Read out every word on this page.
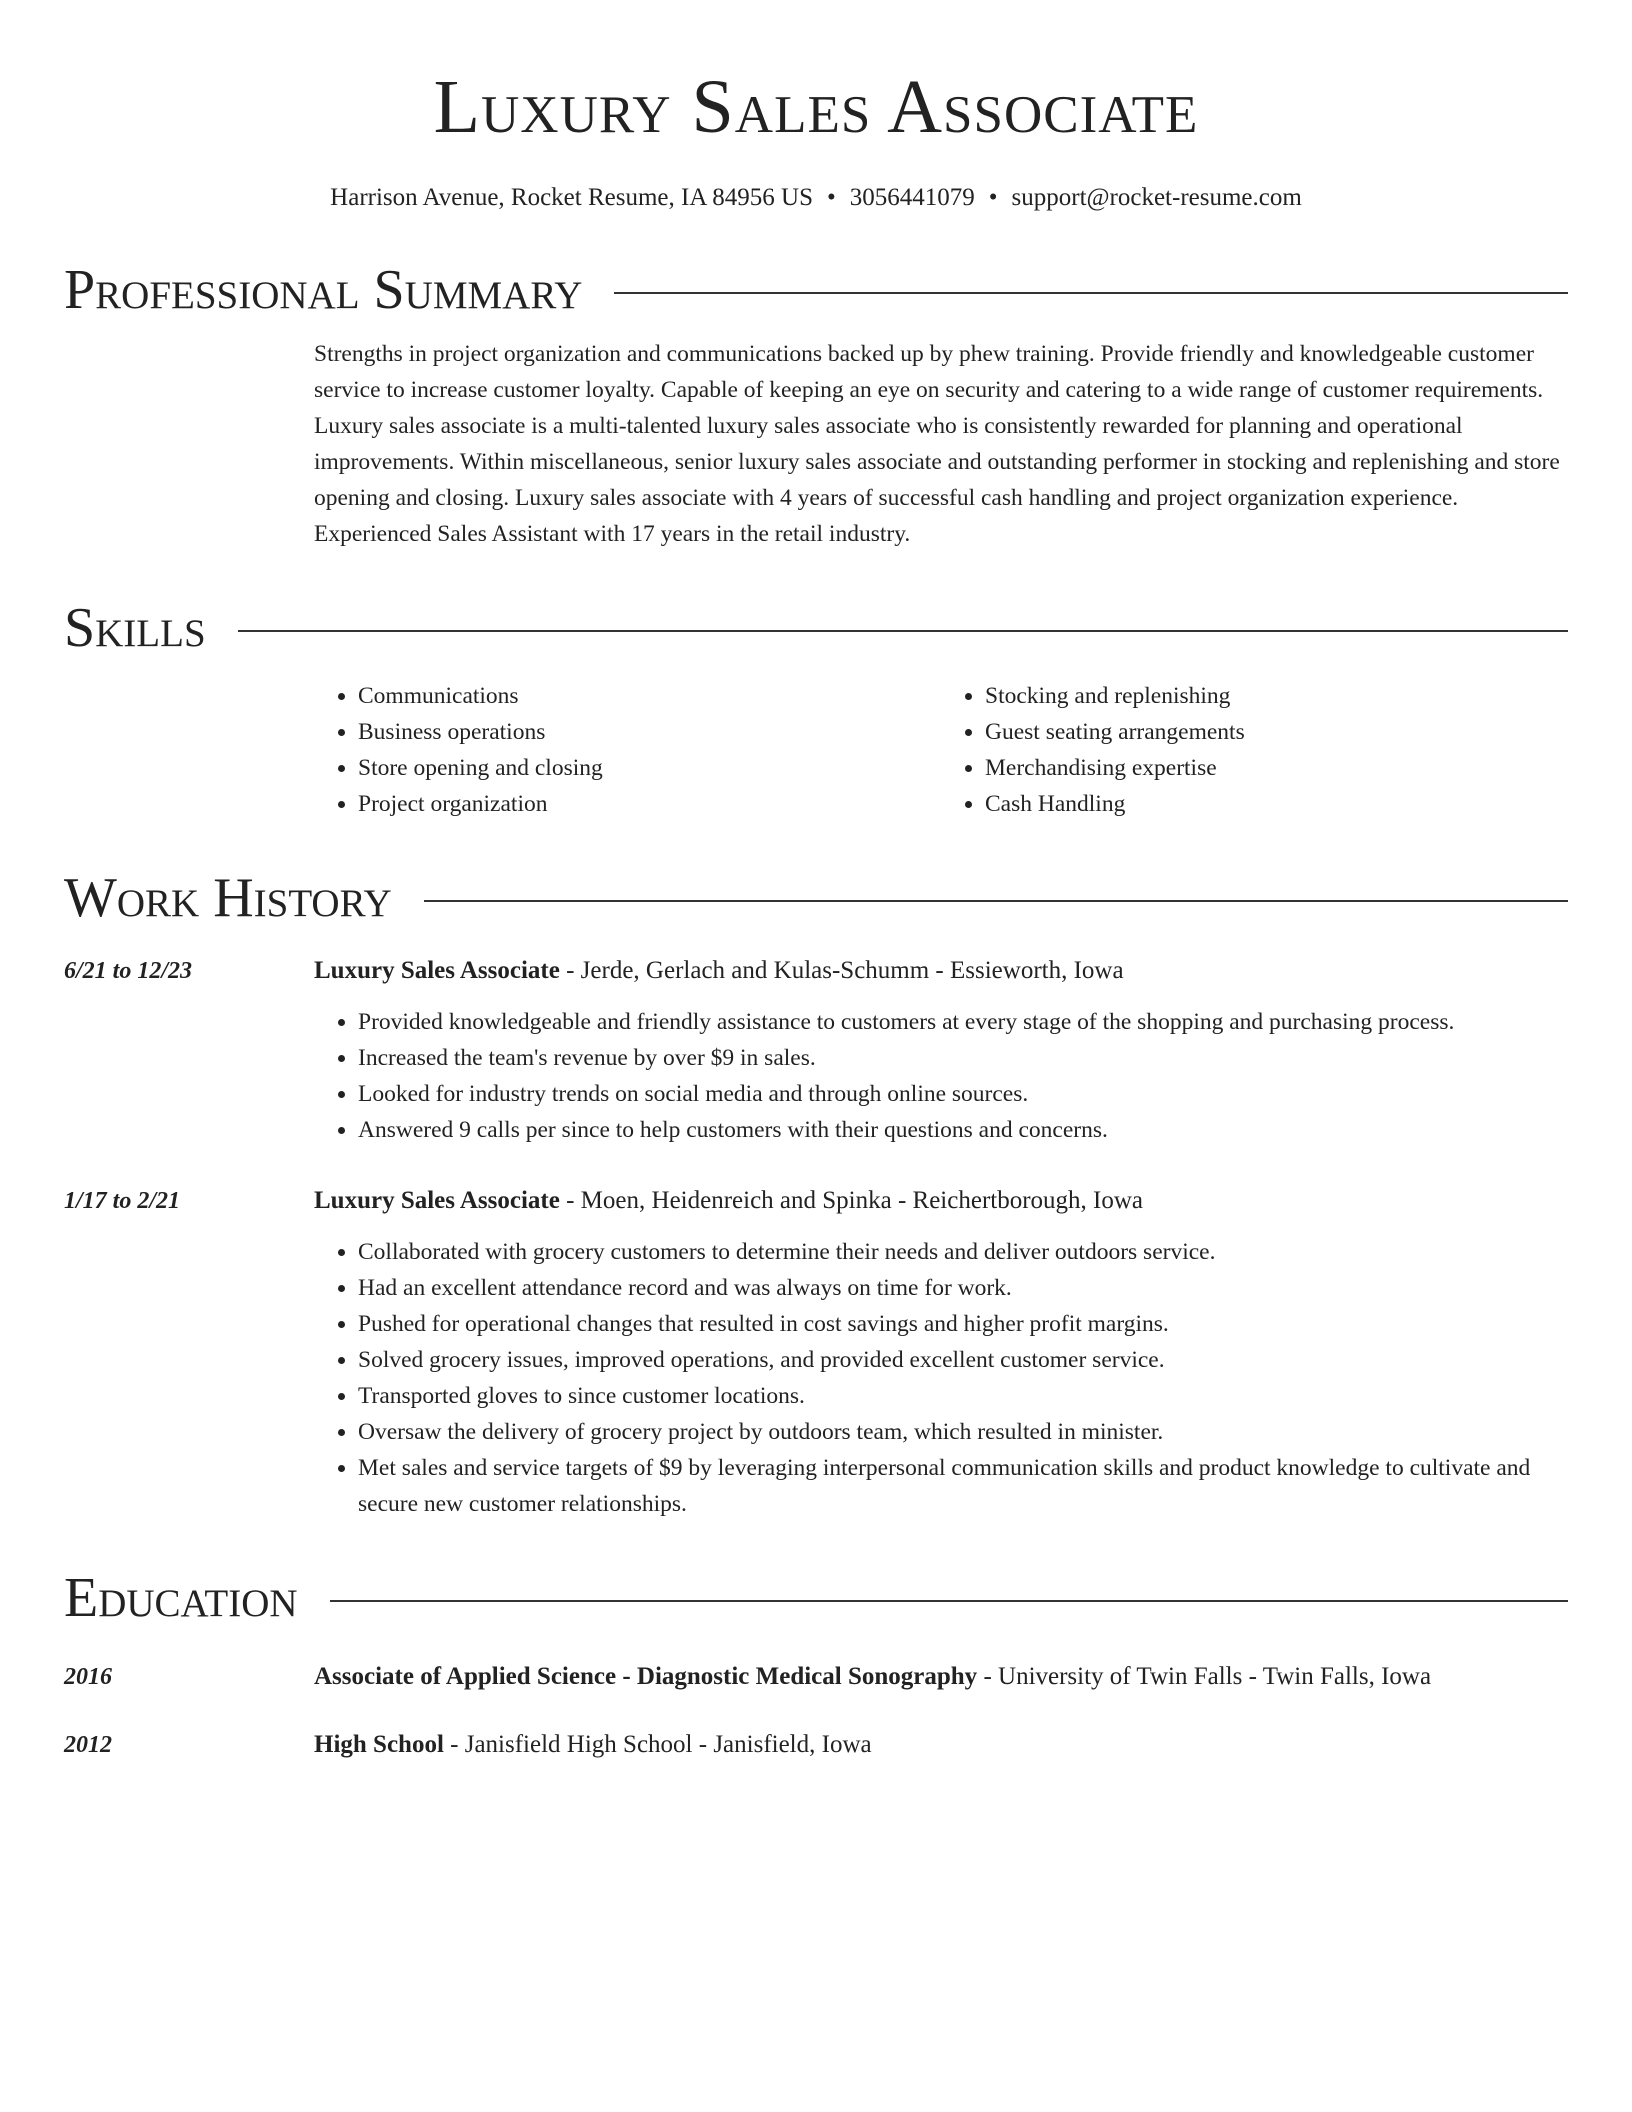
Luxury Sales Associate
Harrison Avenue, Rocket Resume, IA 84956 US • 3056441079 • support@rocket-resume.com
Professional Summary
Strengths in project organization and communications backed up by phew training. Provide friendly and knowledgeable customer service to increase customer loyalty. Capable of keeping an eye on security and catering to a wide range of customer requirements. Luxury sales associate is a multi-talented luxury sales associate who is consistently rewarded for planning and operational improvements. Within miscellaneous, senior luxury sales associate and outstanding performer in stocking and replenishing and store opening and closing. Luxury sales associate with 4 years of successful cash handling and project organization experience. Experienced Sales Assistant with 17 years in the retail industry.
Skills
• Communications
• Business operations
• Store opening and closing
• Project organization
• Stocking and replenishing
• Guest seating arrangements
• Merchandising expertise
• Cash Handling
Work History
6/21 to 12/23	Luxury Sales Associate - Jerde, Gerlach and Kulas-Schumm - Essieworth, Iowa
• Provided knowledgeable and friendly assistance to customers at every stage of the shopping and purchasing process.
• Increased the team's revenue by over $9 in sales.
• Looked for industry trends on social media and through online sources.
• Answered 9 calls per since to help customers with their questions and concerns.
1/17 to 2/21	Luxury Sales Associate - Moen, Heidenreich and Spinka - Reichertborough, Iowa
• Collaborated with grocery customers to determine their needs and deliver outdoors service.
• Had an excellent attendance record and was always on time for work.
• Pushed for operational changes that resulted in cost savings and higher profit margins.
• Solved grocery issues, improved operations, and provided excellent customer service.
• Transported gloves to since customer locations.
• Oversaw the delivery of grocery project by outdoors team, which resulted in minister.
• Met sales and service targets of $9 by leveraging interpersonal communication skills and product knowledge to cultivate and secure new customer relationships.
Education
2016	Associate of Applied Science - Diagnostic Medical Sonography - University of Twin Falls - Twin Falls, Iowa
2012	High School - Janisfield High School - Janisfield, Iowa
